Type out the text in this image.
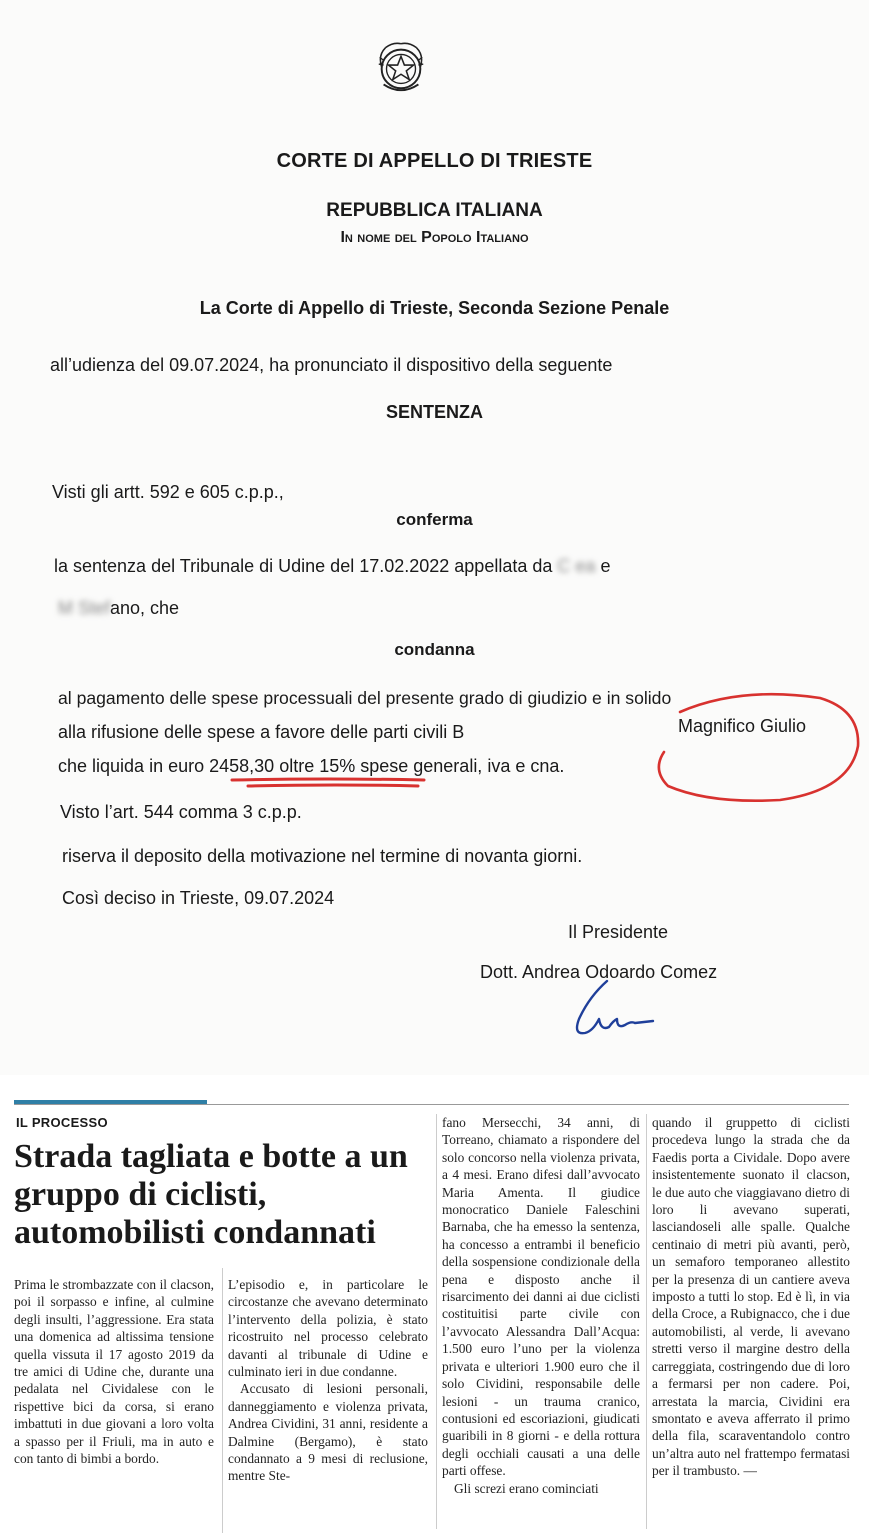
CORTE DI APPELLO DI TRIESTE
REPUBBLICA ITALIANA
In nome del Popolo Italiano
La Corte di Appello di Trieste, Seconda Sezione Penale
all’udienza del 09.07.2024, ha pronunciato il dispositivo della seguente
SENTENZA
Visti gli artt. 592 e 605 c.p.p.,
conferma
la sentenza del Tribunale di Udine del 17.02.2022 appellata da C ea e
M Stefano, che
condanna
al pagamento delle spese processuali del presente grado di giudizio e in solido
alla rifusione delle spese a favore delle parti civili B	Magnifico Giulio
che liquida in euro 2458,30 oltre 15% spese generali, iva e cna.
Visto l’art. 544 comma 3 c.p.p.
riserva il deposito della motivazione nel termine di novanta giorni.
Così deciso in Trieste, 09.07.2024
Il Presidente
Dott. Andrea Odoardo Comez
IL PROCESSO
Strada tagliata e botte a un gruppo di ciclisti, automobilisti condannati

Prima le strombazzate con il clacson, poi il sorpasso e infine, al culmine degli insulti, l’aggressione. Era stata una domenica ad altissima tensione quella vissuta il 17 agosto 2019 da tre amici di Udine che, durante una pedalata nel Cividalese con le rispettive bici da corsa, si erano imbattuti in due giovani a loro volta a spasso per il Friuli, ma in auto e con tanto di bimbi a bordo.

L’episodio e, in particolare le circostanze che avevano determinato l’intervento della polizia, è stato ricostruito nel processo celebrato davanti al tribunale di Udine e culminato ieri in due condanne.

Accusato di lesioni personali, danneggiamento e violenza privata, Andrea Cividini, 31 anni, residente a Dalmine (Bergamo), è stato condannato a 9 mesi di reclusione, mentre Ste-

fano Mersecchi, 34 anni, di Torreano, chiamato a rispondere del solo concorso nella violenza privata, a 4 mesi. Erano difesi dall’avvocato Maria Amenta. Il giudice monocratico Daniele Faleschini Barnaba, che ha emesso la sentenza, ha concesso a entrambi il beneficio della sospensione condizionale della pena e disposto anche il risarcimento dei danni ai due ciclisti costituitisi parte civile con l’avvocato Alessandra Dall’Acqua: 1.500 euro l’uno per la violenza privata e ulteriori 1.900 euro che il solo Cividini, responsabile delle lesioni - un trauma cranico, contusioni ed escoriazioni, giudicati guaribili in 8 giorni - e della rottura degli occhiali causati a una delle parti offese.

Gli screzi erano cominciati

quando il gruppetto di ciclisti procedeva lungo la strada che da Faedis porta a Cividale. Dopo avere insistentemente suonato il clacson, le due auto che viaggiavano dietro di loro li avevano superati, lasciandoseli alle spalle. Qualche centinaio di metri più avanti, però, un semaforo temporaneo allestito per la presenza di un cantiere aveva imposto a tutti lo stop. Ed è lì, in via della Croce, a Rubignacco, che i due automobilisti, al verde, li avevano stretti verso il margine destro della carreggiata, costringendo due di loro a fermarsi per non cadere. Poi, arrestata la marcia, Cividini era smontato e aveva afferrato il primo della fila, scaraventandolo contro un’altra auto nel frattempo fermatasi per il trambusto. —
